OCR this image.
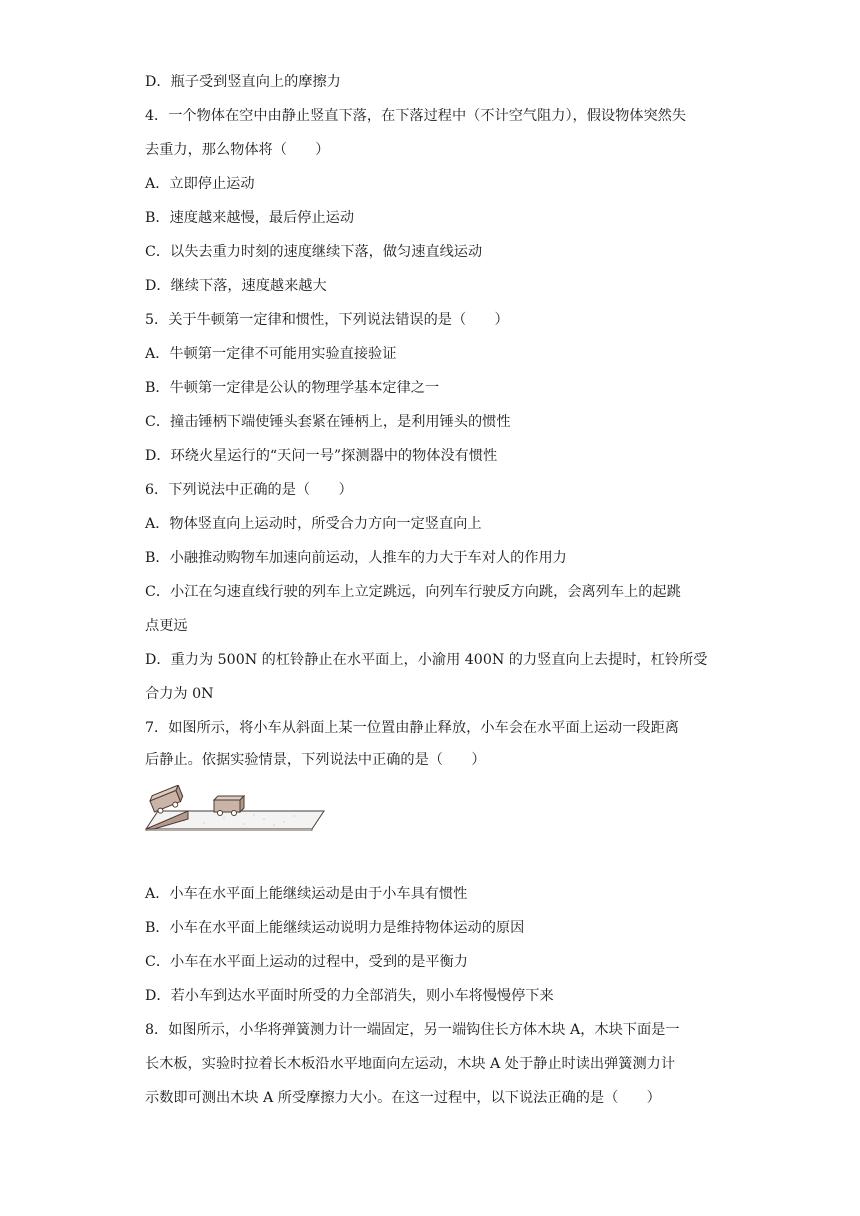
D．瓶子受到竖直向上的摩擦力
4．一个物体在空中由静止竖直下落，在下落过程中（不计空气阻力），假设物体突然失
去重力，那么物体将（　　）
A．立即停止运动
B．速度越来越慢，最后停止运动
C．以失去重力时刻的速度继续下落，做匀速直线运动
D．继续下落，速度越来越大
5．关于牛顿第一定律和惯性，下列说法错误的是（　　）
A．牛顿第一定律不可能用实验直接验证
B．牛顿第一定律是公认的物理学基本定律之一
C．撞击锤柄下端使锤头套紧在锤柄上，是利用锤头的惯性
D．环绕火星运行的“天问一号”探测器中的物体没有惯性
6．下列说法中正确的是（　　）
A．物体竖直向上运动时，所受合力方向一定竖直向上
B．小融推动购物车加速向前运动，人推车的力大于车对人的作用力
C．小江在匀速直线行驶的列车上立定跳远，向列车行驶反方向跳，会离列车上的起跳
点更远
D．重力为 500N 的杠铃静止在水平面上，小渝用 400N 的力竖直向上去提时，杠铃所受
合力为 0N
7．如图所示，将小车从斜面上某一位置由静止释放，小车会在水平面上运动一段距离
后静止。依据实验情景，下列说法中正确的是（　　）
A．小车在水平面上能继续运动是由于小车具有惯性
B．小车在水平面上能继续运动说明力是维持物体运动的原因
C．小车在水平面上运动的过程中，受到的是平衡力
D．若小车到达水平面时所受的力全部消失，则小车将慢慢停下来
8．如图所示，小华将弹簧测力计一端固定，另一端钩住长方体木块 A，木块下面是一
长木板，实验时拉着长木板沿水平地面向左运动，木块 A 处于静止时读出弹簧测力计
示数即可测出木块 A 所受摩擦力大小。在这一过程中，以下说法正确的是（　　）
